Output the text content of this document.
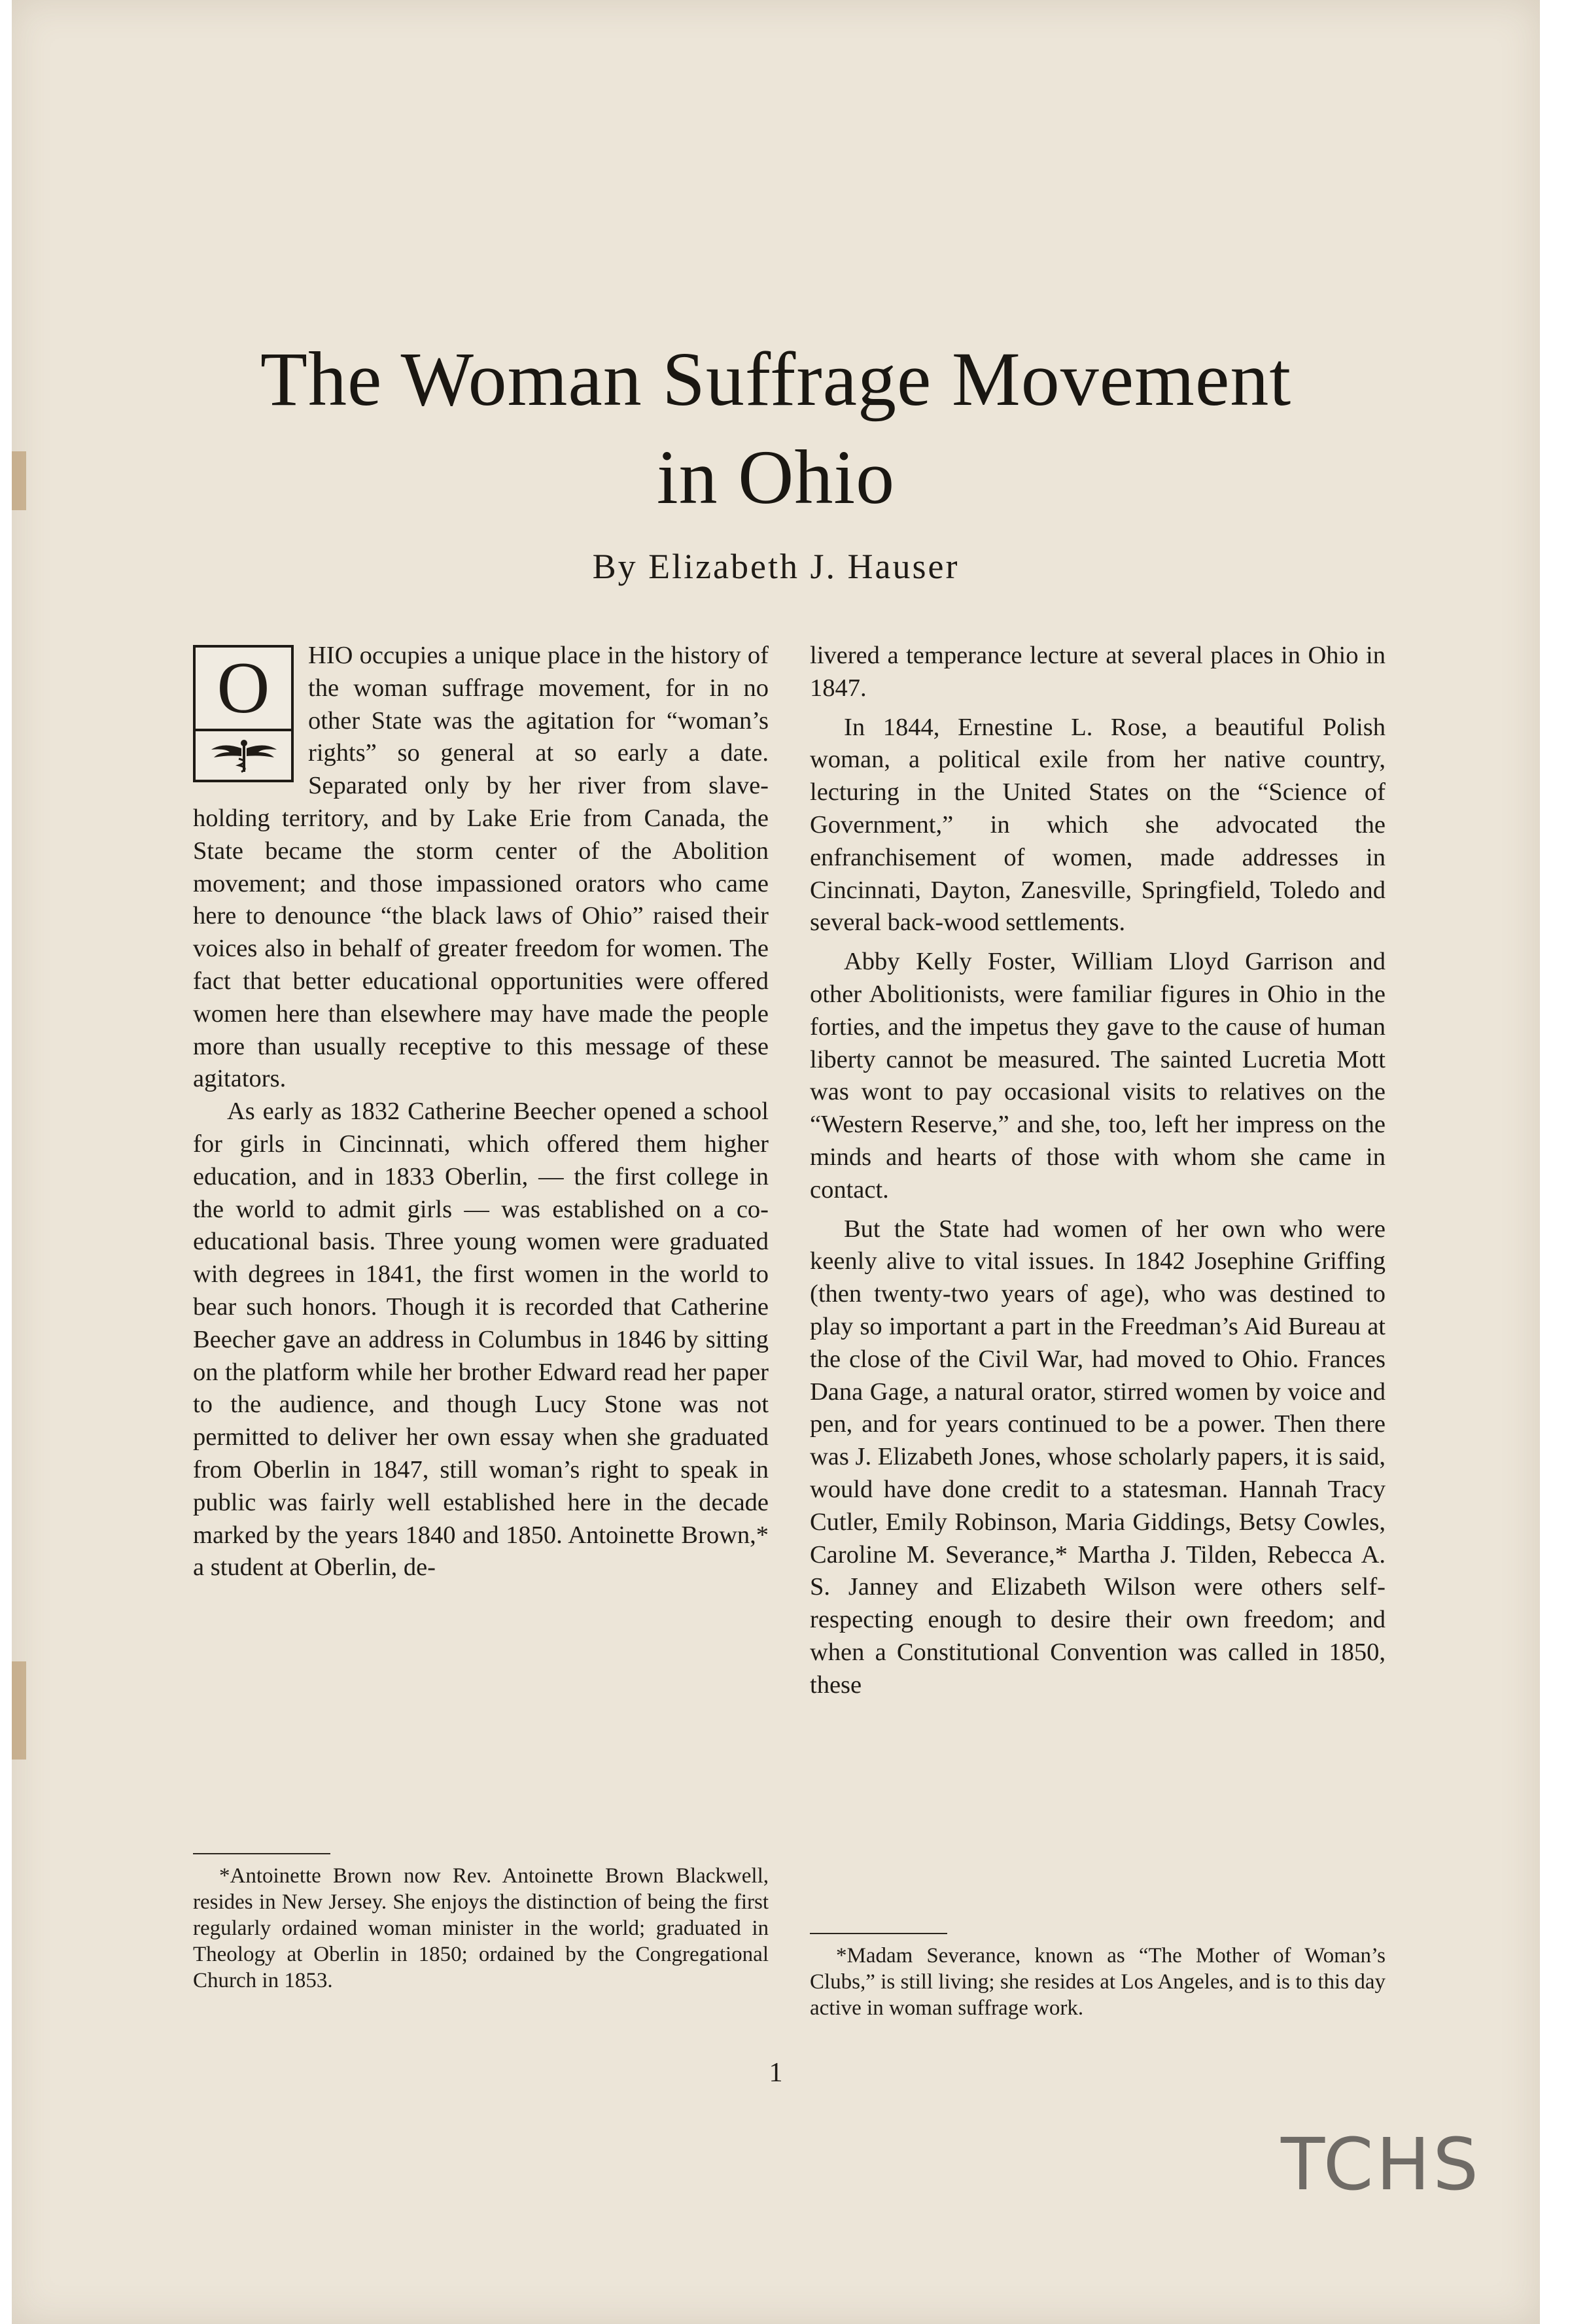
The Woman Suffrage Movement
in Ohio
By Elizabeth J. Hauser
O	HIO occupies a unique place in the history of the woman suffrage movement, for in no other State was the agitation for “woman’s rights” so general at so early a date. Separated only by her river from slave-holding territory, and by Lake Erie from Canada, the State became the storm center of the Abolition movement; and those impassioned orators who came here to denounce “the black laws of Ohio” raised their voices also in behalf of greater freedom for women. The fact that better educational opportunities were offered women here than elsewhere may have made the people more than usually receptive to this message of these agitators.

As early as 1832 Catherine Beecher opened a school for girls in Cincinnati, which offered them higher education, and in 1833 Oberlin, — the first college in the world to admit girls — was established on a co-educational basis. Three young women were graduated with degrees in 1841, the first women in the world to bear such honors. Though it is recorded that Catherine Beecher gave an address in Columbus in 1846 by sitting on the platform while her brother Edward read her paper to the audience, and though Lucy Stone was not permitted to deliver her own essay when she graduated from Oberlin in 1847, still woman’s right to speak in public was fairly well established here in the decade marked by the years 1840 and 1850. Antoinette Brown,* a student at Oberlin, de-

livered a temperance lecture at several places in Ohio in 1847.

In 1844, Ernestine L. Rose, a beautiful Polish woman, a political exile from her native country, lecturing in the United States on the “Science of Government,” in which she advocated the enfranchisement of women, made addresses in Cincinnati, Dayton, Zanesville, Springfield, Toledo and several back-wood settlements.

Abby Kelly Foster, William Lloyd Garrison and other Abolitionists, were familiar figures in Ohio in the forties, and the impetus they gave to the cause of human liberty cannot be measured. The sainted Lucretia Mott was wont to pay occasional visits to relatives on the “Western Reserve,” and she, too, left her impress on the minds and hearts of those with whom she came in contact.

But the State had women of her own who were keenly alive to vital issues. In 1842 Josephine Griffing (then twenty-two years of age), who was destined to play so important a part in the Freedman’s Aid Bureau at the close of the Civil War, had moved to Ohio. Frances Dana Gage, a natural orator, stirred women by voice and pen, and for years continued to be a power. Then there was J. Elizabeth Jones, whose scholarly papers, it is said, would have done credit to a statesman. Hannah Tracy Cutler, Emily Robinson, Maria Giddings, Betsy Cowles, Caroline M. Severance,* Martha J. Tilden, Rebecca A. S. Janney and Elizabeth Wilson were others self-respecting enough to desire their own freedom; and when a Constitutional Convention was called in 1850, these

*Antoinette Brown now Rev. Antoinette Brown Blackwell, resides in New Jersey. She enjoys the distinction of being the first regularly ordained woman minister in the world; graduated in Theology at Oberlin in 1850; ordained by the Congregational Church in 1853.

*Madam Severance, known as “The Mother of Woman’s Clubs,” is still living; she resides at Los Angeles, and is to this day active in woman suffrage work.

1
TCHS
